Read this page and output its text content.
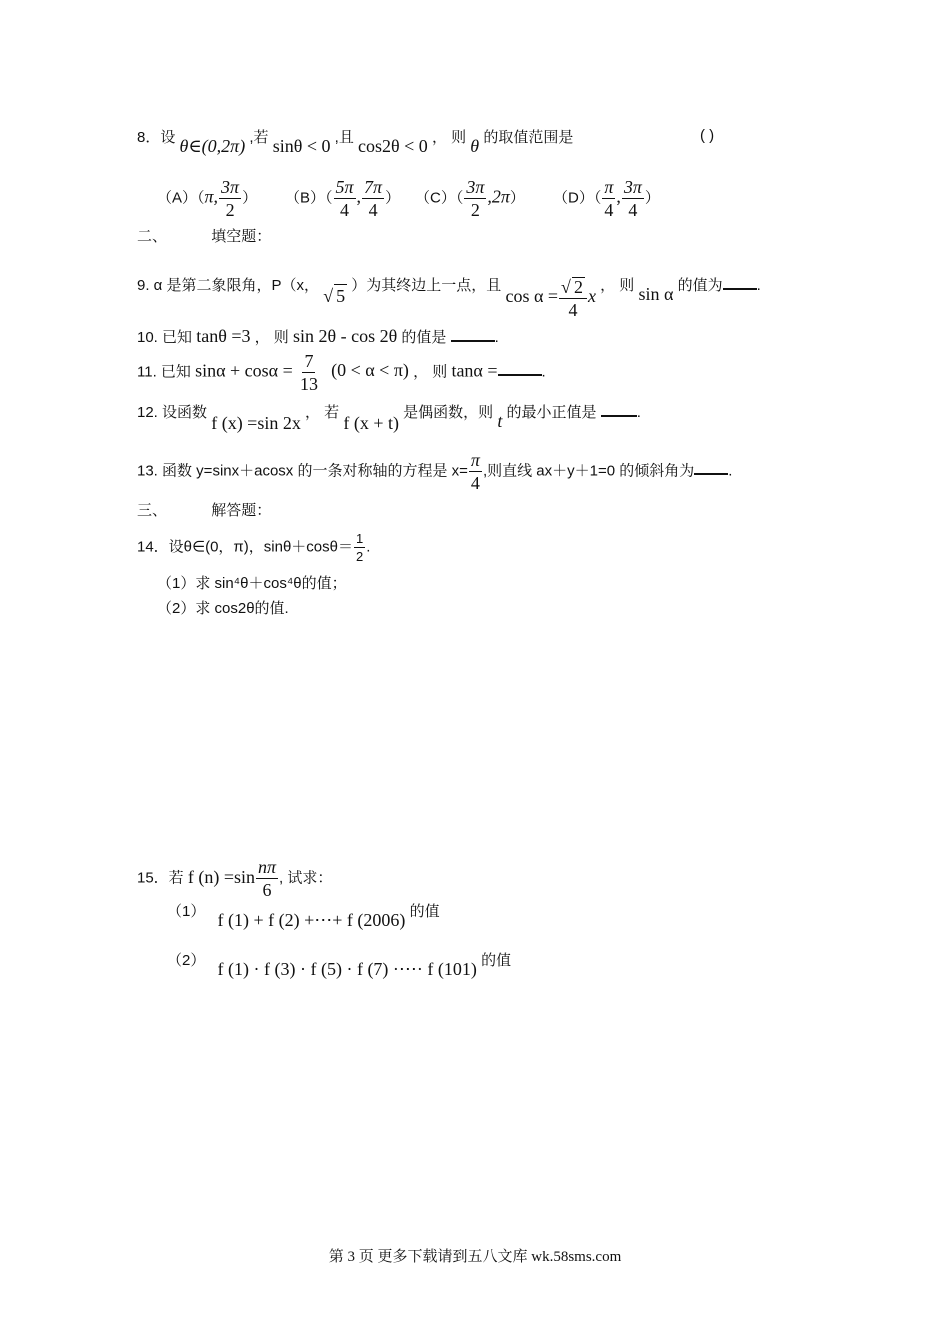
8．设 θ∈(0,2π) ,若 sinθ < 0 ,且 cos2θ < 0 ， 则 θ 的取值范围是	( )
（A）（π, $\frac{3\pi}{2}$ ） $(B)( \frac{5\pi}{4}$ , $\frac{7\pi}{4}$ ） $(C)( \frac{3\pi}{2} ,2\pi)$ $(D)( \frac{\pi}{4}$ , $\frac{3\pi}{4}$ ）
二、	填空题：
9. α 是第二象限角，P（x， √ 5 ）为其终边上一点，且 $\cos \alpha = \frac{√ 2}{4}$ x ， 则 sin α 的值为 .
10. 已知 tanθ =3 ， 则 sin 2θ - cos 2θ 的值是	.
11. 已知 $\sin\alpha + \cos\alpha = \frac{7}{13} (0 < \alpha < \pi)$ ， 则 tanα =	.
12. 设函数 f (x) =sin 2x ， 若 f (x + t) 是偶函数，则 t 的最小正值是	.
13. 函数 y=sinx＋acosx 的一条对称轴的方程是 $x= \frac{\pi}{4}$ ,则直线 ax＋y＋1=0 的倾斜角为 .
三、	解答题：
14．设θ∈(0，π)，$\sin\theta+\cos\theta= \frac{1}{2}$ .
（1）求 sin⁴θ＋cos⁴θ的值；
（2）求 cos2θ的值.
15．若 f $(n) =\sin \frac{n\pi}{6}$ , 试求：
（1） f (1) + f (2) +⋯+ f (2006) 的值
（2） f (1) · f (3) · f (5) · f (7) ·⋯· f (101) 的值
第 3 页 更多下载请到五八文库 wk.58sms.com
